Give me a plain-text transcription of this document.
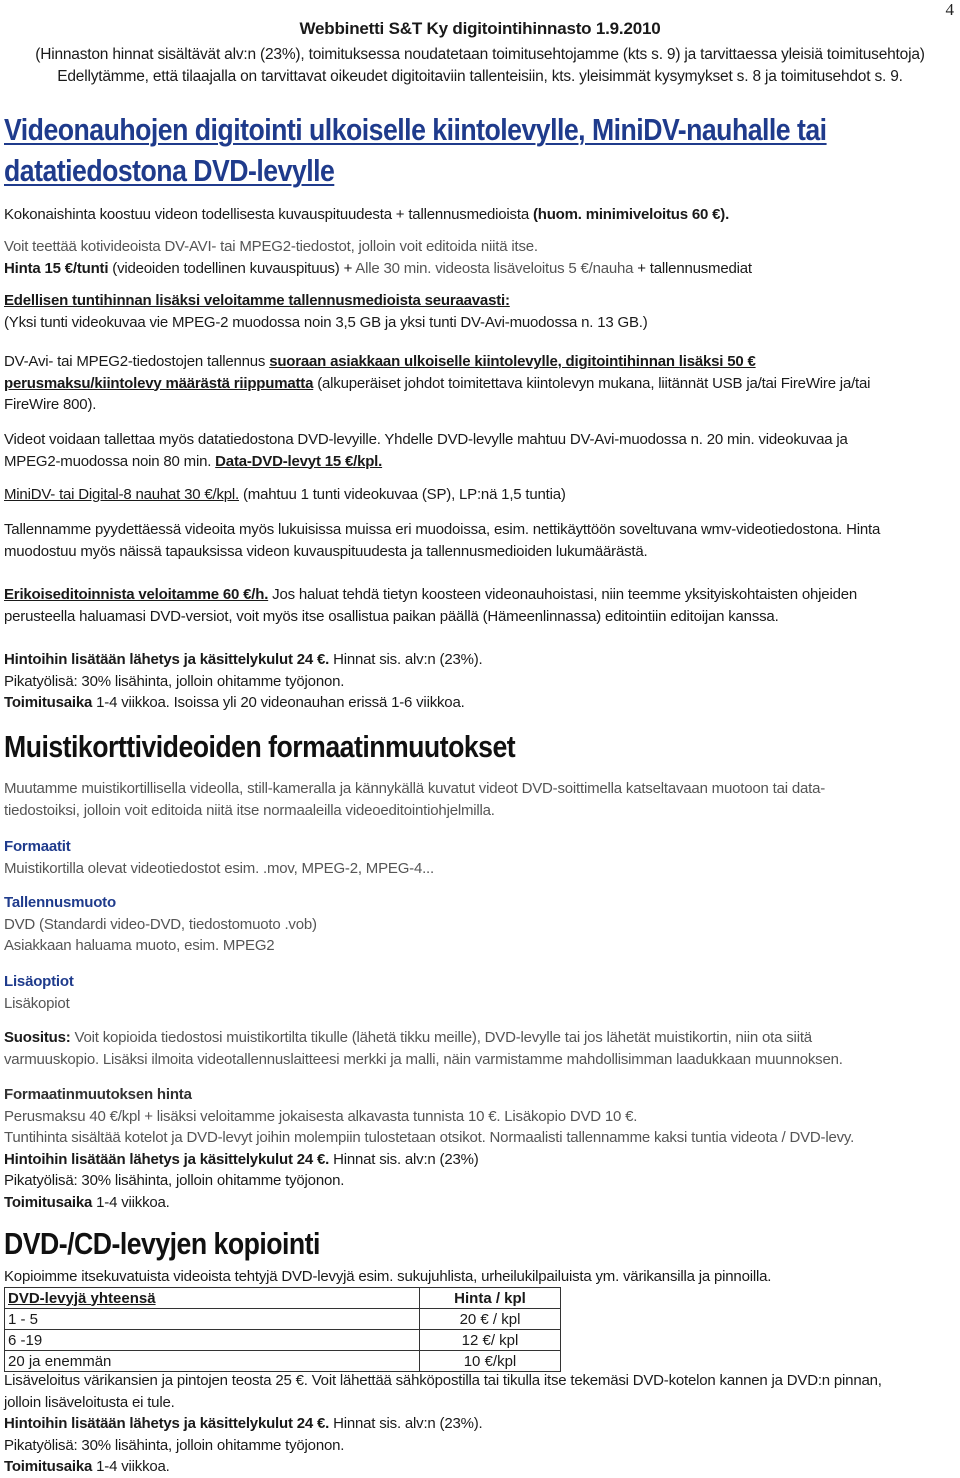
4
Webbinetti S&T Ky digitointihinnasto 1.9.2010
(Hinnaston hinnat sisältävät alv:n (23%), toimituksessa noudatetaan toimitusehtojamme (kts s. 9) ja tarvittaessa yleisiä toimitusehtoja)
Edellytämme, että tilaajalla on tarvittavat oikeudet digitoitaviin tallenteisiin, kts. yleisimmät kysymykset s. 8 ja toimitusehdot s. 9.
Videonauhojen digitointi ulkoiselle kiintolevylle, MiniDV-nauhalle tai
datatiedostona DVD-levylle
Kokonaishinta koostuu videon todellisesta kuvauspituudesta + tallennusmedioista (huom. minimiveloitus 60 €).
Voit teettää kotivideoista DV-AVI- tai MPEG2-tiedostot, jolloin voit editoida niitä itse.
Hinta 15 €/tunti (videoiden todellinen kuvauspituus) + Alle 30 min. videosta lisäveloitus 5 €/nauha + tallennusmediat
Edellisen tuntihinnan lisäksi veloitamme tallennusmedioista seuraavasti:
(Yksi tunti videokuvaa vie MPEG-2 muodossa noin 3,5 GB ja yksi tunti DV-Avi-muodossa n. 13 GB.)
DV-Avi- tai MPEG2-tiedostojen tallennus suoraan asiakkaan ulkoiselle kiintolevylle, digitointihinnan lisäksi 50 €
perusmaksu/kiintolevy määrästä riippumatta (alkuperäiset johdot toimitettava kiintolevyn mukana, liitännät USB ja/tai FireWire ja/tai
FireWire 800).
Videot voidaan tallettaa myös datatiedostona DVD-levyille. Yhdelle DVD-levylle mahtuu DV-Avi-muodossa n. 20 min. videokuvaa ja
MPEG2-muodossa noin 80 min. Data-DVD-levyt 15 €/kpl.
MiniDV- tai Digital-8 nauhat 30 €/kpl. (mahtuu 1 tunti videokuvaa (SP), LP:nä 1,5 tuntia)
Tallennamme pyydettäessä videoita myös lukuisissa muissa eri muodoissa, esim. nettikäyttöön soveltuvana wmv-videotiedostona. Hinta
muodostuu myös näissä tapauksissa videon kuvauspituudesta ja tallennusmedioiden lukumäärästä.
Erikoiseditoinnista veloitamme 60 €/h. Jos haluat tehdä tietyn koosteen videonauhoistasi, niin teemme yksityiskohtaisten ohjeiden
perusteella haluamasi DVD-versiot, voit myös itse osallistua paikan päällä (Hämeenlinnassa) editointiin editoijan kanssa.
Hintoihin lisätään lähetys ja käsittelykulut 24 €. Hinnat sis. alv:n (23%).
Pikatyölisä: 30% lisähinta, jolloin ohitamme työjonon.
Toimitusaika 1-4 viikkoa. Isoissa yli 20 videonauhan erissä 1-6 viikkoa.
Muistikorttivideoiden formaatinmuutokset
Muutamme muistikortillisella videolla, still-kameralla ja kännykällä kuvatut videot DVD-soittimella katseltavaan muotoon tai data-
tiedostoiksi, jolloin voit editoida niitä itse normaaleilla videoeditointiohjelmilla.
Formaatit
Muistikortilla olevat videotiedostot esim. .mov, MPEG-2, MPEG-4...
Tallennusmuoto
DVD (Standardi video-DVD, tiedostomuoto .vob)
Asiakkaan haluama muoto, esim. MPEG2
Lisäoptiot
Lisäkopiot
Suositus: Voit kopioida tiedostosi muistikortilta tikulle (lähetä tikku meille), DVD-levylle tai jos lähetät muistikortin, niin ota siitä
varmuuskopio. Lisäksi ilmoita videotallennuslaitteesi merkki ja malli, näin varmistamme mahdollisimman laadukkaan muunnoksen.
Formaatinmuutoksen hinta
Perusmaksu 40 €/kpl + lisäksi veloitamme jokaisesta alkavasta tunnista 10 €. Lisäkopio DVD 10 €.
Tuntihinta sisältää kotelot ja DVD-levyt joihin molempiin tulostetaan otsikot. Normaalisti tallennamme kaksi tuntia videota / DVD-levy.
Hintoihin lisätään lähetys ja käsittelykulut 24 €. Hinnat sis. alv:n (23%)
Pikatyölisä: 30% lisähinta, jolloin ohitamme työjonon.
Toimitusaika 1-4 viikkoa.
DVD-/CD-levyjen kopiointi
Kopioimme itsekuvatuista videoista tehtyjä DVD-levyjä esim. sukujuhlista, urheilukilpailuista ym. värikansilla ja pinnoilla.
DVD-levyjä yhteensä	Hinta / kpl
1 - 5	20 € / kpl
6 -19	12 €/ kpl
20 ja enemmän	10 €/kpl
Lisäveloitus värikansien ja pintojen teosta 25 €. Voit lähettää sähköpostilla tai tikulla itse tekemäsi DVD-kotelon kannen ja DVD:n pinnan,
jolloin lisäveloitusta ei tule.
Hintoihin lisätään lähetys ja käsittelykulut 24 €. Hinnat sis. alv:n (23%).
Pikatyölisä: 30% lisähinta, jolloin ohitamme työjonon.
Toimitusaika 1-4 viikkoa.
